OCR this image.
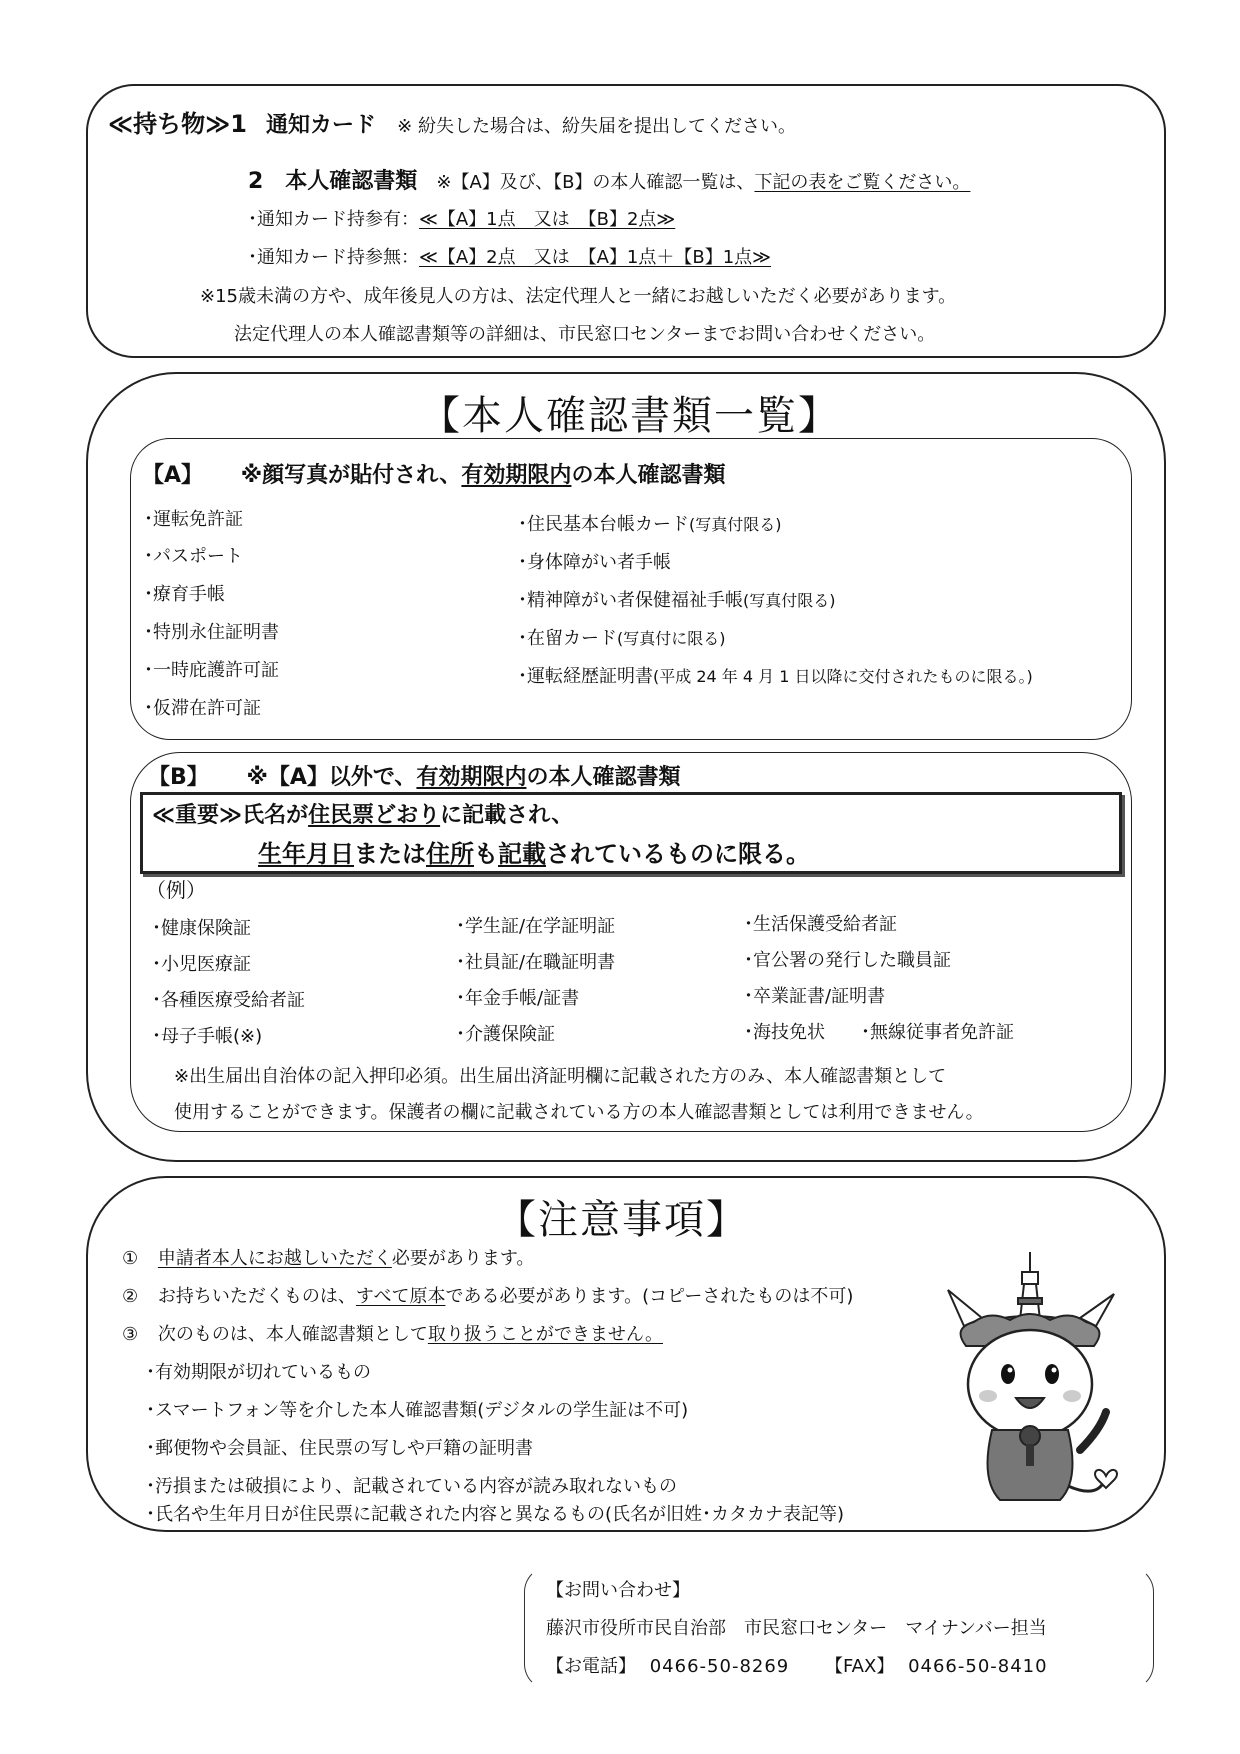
≪持ち物≫1 通知カード ※ 紛失した場合は、紛失届を提出してください。
2　本人確認書類 ※【A】及び、【B】の本人確認一覧は、下記の表をご覧ください。
･通知カード持参有：≪【A】1点　又は　【B】2点≫
･通知カード持参無：≪【A】2点　又は　【A】1点＋【B】1点≫
※15歳未満の方や、成年後見人の方は、法定代理人と一緒にお越しいただく必要があります。
法定代理人の本人確認書類等の詳細は、市民窓口センターまでお問い合わせください。
【本人確認書類一覧】
【A】 ※顔写真が貼付され、有効期限内の本人確認書類
･運転免許証
･パスポート
･療育手帳
･特別永住証明書
･一時庇護許可証
･仮滞在許可証
･住民基本台帳カード(写真付限る)
･身体障がい者手帳
･精神障がい者保健福祉手帳(写真付限る)
･在留カード(写真付に限る)
･運転経歴証明書(平成 24 年 4 月 1 日以降に交付されたものに限る。)
【B】 ※【A】以外で、有効期限内の本人確認書類
≪重要≫氏名が住民票どおりに記載され、
生年月日または住所も記載されているものに限る。
（例）
･健康保険証
･小児医療証
･各種医療受給者証
･母子手帳(※)
･学生証/在学証明証
･社員証/在職証明書
･年金手帳/証書
･介護保険証
･生活保護受給者証
･官公署の発行した職員証
･卒業証書/証明書
･海技免状　　･無線従事者免許証
※出生届出自治体の記入押印必須。出生届出済証明欄に記載された方のみ、本人確認書類として
使用することができます。保護者の欄に記載されている方の本人確認書類としては利用できません。
【注意事項】
① 申請者本人にお越しいただく必要があります。
② お持ちいただくものは、すべて原本である必要があります。(コピーされたものは不可)
③ 次のものは、本人確認書類として取り扱うことができません。
･有効期限が切れているもの
･スマートフォン等を介した本人確認書類(デジタルの学生証は不可)
･郵便物や会員証、住民票の写しや戸籍の証明書
･汚損または破損により、記載されている内容が読み取れないもの
･氏名や生年月日が住民票に記載された内容と異なるもの(氏名が旧姓･カタカナ表記等)
【お問い合わせ】
藤沢市役所市民自治部　市民窓口センター　マイナンバー担当
【お電話】 0466-50-8269 【FAX】 0466-50-8410
